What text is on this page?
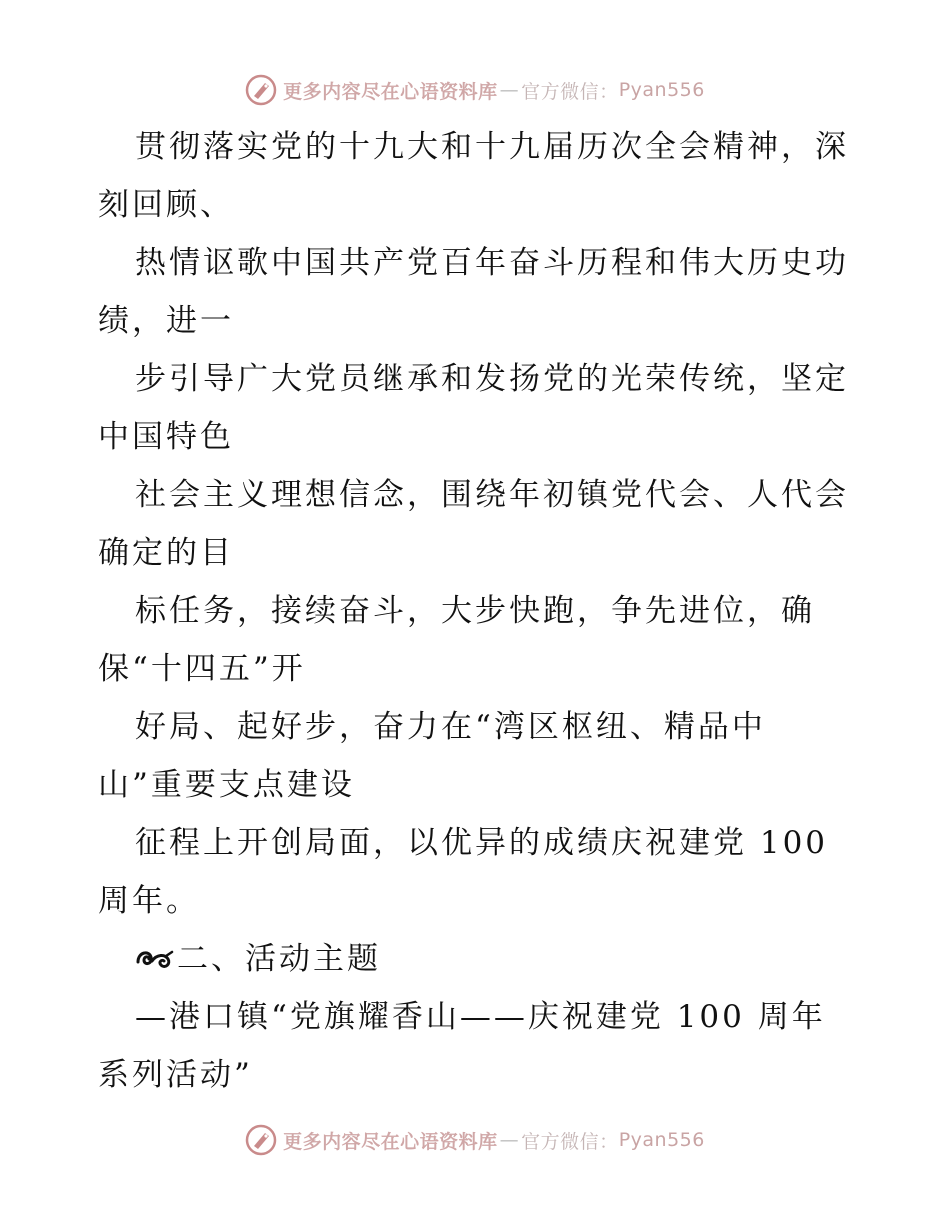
更多内容尽在心语资料库 — 官方微信： Pyan556
贯彻落实党的十九大和十九届历次全会精神，深
刻回顾、
热情讴歌中国共产党百年奋斗历程和伟大历史功
绩，进一
步引导广大党员继承和发扬党的光荣传统，坚定
中国特色
社会主义理想信念，围绕年初镇党代会、人代会
确定的目
标任务，接续奋斗，大步快跑，争先进位，确
保“十四五”开
好局、起好步，奋力在“湾区枢纽、精品中
山”重要支点建设
征程上开创局面，以优异的成绩庆祝建党 100
周年。
二、活动主题
—港口镇“党旗耀香山——庆祝建党 100 周年
系列活动”
更多内容尽在心语资料库 — 官方微信： Pyan556
